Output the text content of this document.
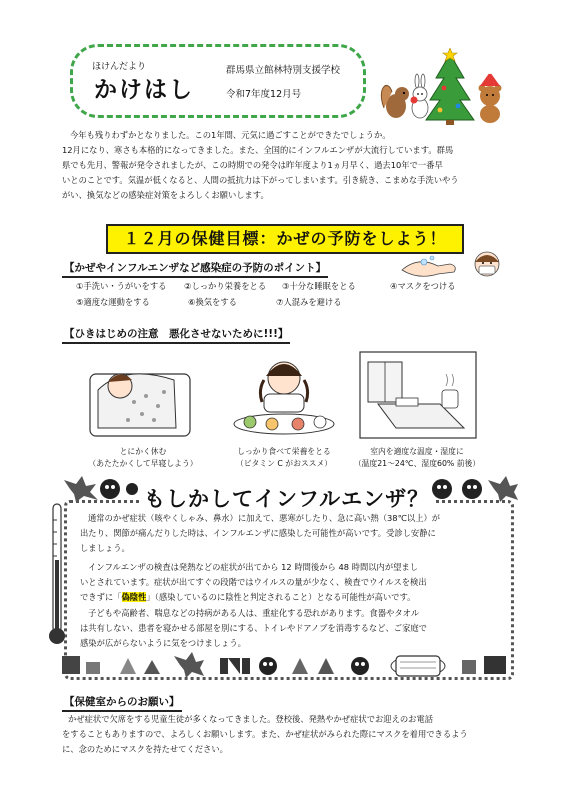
ほけんだより
かけはし
群馬県立館林特別支援学校
令和7年度12月号
今年も残りわずかとなりました。この1年間、元気に過ごすことができたでしょうか。
12月になり、寒さも本格的になってきました。また、全国的にインフルエンザが大流行しています。群馬
県でも先月、警報が発令されましたが、この時期での発令は昨年度より1ヵ月早く、過去10年で一番早
いとのことです。気温が低くなると、人間の抵抗力は下がってしまいます。引き続き、こまめな手洗いやう
がい、換気などの感染症対策をよろしくお願いします。
１２月の保健目標：かぜの予防をしよう！
【かぜやインフルエンザなど感染症の予防のポイント】
①手洗い・うがいをする ②しっかり栄養をとる ③十分な睡眠をとる	④マスクをつける
⑤適度な運動をする	⑥換気をする	⑦人混みを避ける
【ひきはじめの注意　悪化させないために!!!】
とにかく休む
（あたたかくして早寝しよう）
しっかり食べて栄養をとる
（ビタミン C がおススメ）
室内を適度な温度・湿度に
（温度21～24℃、湿度60% 前後）
もしかしてインフルエンザ？
通常のかぜ症状（咳やくしゃみ、鼻水）に加えて、悪寒がしたり、急に高い熱（38℃以上）が
出たり、関節が痛んだりした時は、インフルエンザに感染した可能性が高いです。受診し安静に
しましょう。
インフルエンザの検査は発熱などの症状が出てから 12 時間後から 48 時間以内が望まし
いとされています。症状が出てすぐの段階ではウイルスの量が少なく、検査でウイルスを検出
できずに「偽陰性」（感染しているのに陰性と判定されること）となる可能性が高いです。
子どもや高齢者、喘息などの持病がある人は、重症化する恐れがあります。食器やタオル
は共有しない、患者を寝かせる部屋を別にする、トイレやドアノブを消毒するなど、ご家庭で
感染が広がらないように気をつけましょう。
【保健室からのお願い】
かぜ症状で欠席をする児童生徒が多くなってきました。登校後、発熱やかぜ症状でお迎えのお電話
をすることもありますので、よろしくお願いします。また、かぜ症状がみられた際にマスクを着用できるよう
に、念のためにマスクを持たせてください。
